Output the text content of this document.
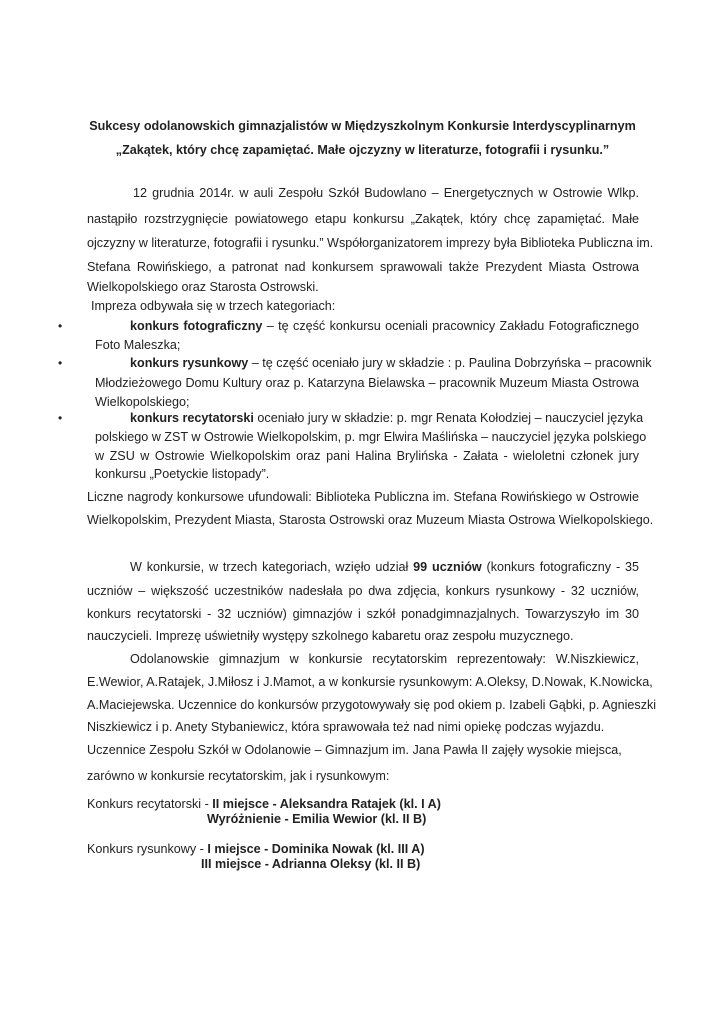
Sukcesy odolanowskich gimnazjalistów w Międzyszkolnym Konkursie Interdyscyplinarnym
„Zakątek, który chcę zapamiętać. Małe ojczyzny w literaturze, fotografii i rysunku.”
12 grudnia 2014r. w auli Zespołu Szkół Budowlano – Energetycznych w Ostrowie Wlkp.
nastąpiło rozstrzygnięcie powiatowego etapu konkursu „Zakątek, który chcę zapamiętać. Małe
ojczyzny w literaturze, fotografii i rysunku.” Współorganizatorem imprezy była Biblioteka Publiczna im.
Stefana Rowińskiego, a patronat nad konkursem sprawowali także Prezydent Miasta Ostrowa
Wielkopolskiego oraz Starosta Ostrowski.
Impreza odbywała się w trzech kategoriach:
•	konkurs fotograficzny – tę część konkursu oceniali pracownicy Zakładu Fotograficznego
Foto Maleszka;
•	konkurs rysunkowy – tę część oceniało jury w składzie : p. Paulina Dobrzyńska – pracownik
Młodzieżowego Domu Kultury oraz p. Katarzyna Bielawska – pracownik Muzeum Miasta Ostrowa
Wielkopolskiego;
•	konkurs recytatorski oceniało jury w składzie: p. mgr Renata Kołodziej – nauczyciel języka
polskiego w ZST w Ostrowie Wielkopolskim, p. mgr Elwira Maślińska – nauczyciel języka polskiego
w ZSU w Ostrowie Wielkopolskim oraz pani Halina Brylińska - Załata - wieloletni członek jury
konkursu „Poetyckie listopady”.
Liczne nagrody konkursowe ufundowali: Biblioteka Publiczna im. Stefana Rowińskiego w Ostrowie
Wielkopolskim, Prezydent Miasta, Starosta Ostrowski oraz Muzeum Miasta Ostrowa Wielkopolskiego.
W konkursie, w trzech kategoriach, wzięło udział 99 uczniów (konkurs fotograficzny - 35
uczniów – większość uczestników nadesłała po dwa zdjęcia, konkurs rysunkowy - 32 uczniów,
konkurs recytatorski - 32 uczniów) gimnazjów i szkół ponadgimnazjalnych. Towarzyszyło im 30
nauczycieli. Imprezę uświetniły występy szkolnego kabaretu oraz zespołu muzycznego.
Odolanowskie gimnazjum w konkursie recytatorskim reprezentowały: W.Niszkiewicz,
E.Wewior, A.Ratajek, J.Miłosz i J.Mamot, a w konkursie rysunkowym: A.Oleksy, D.Nowak, K.Nowicka,
A.Maciejewska. Uczennice do konkursów przygotowywały się pod okiem p. Izabeli Gąbki, p. Agnieszki
Niszkiewicz i p. Anety Stybaniewicz, która sprawowała też nad nimi opiekę podczas wyjazdu.
Uczennice Zespołu Szkół w Odolanowie – Gimnazjum im. Jana Pawła II zajęły wysokie miejsca,
zarówno w konkursie recytatorskim, jak i rysunkowym:
Konkurs recytatorski - II miejsce - Aleksandra Ratajek (kl. I A)
Wyróżnienie - Emilia Wewior (kl. II B)
Konkurs rysunkowy - I miejsce - Dominika Nowak (kl. III A)
III miejsce - Adrianna Oleksy (kl. II B)
